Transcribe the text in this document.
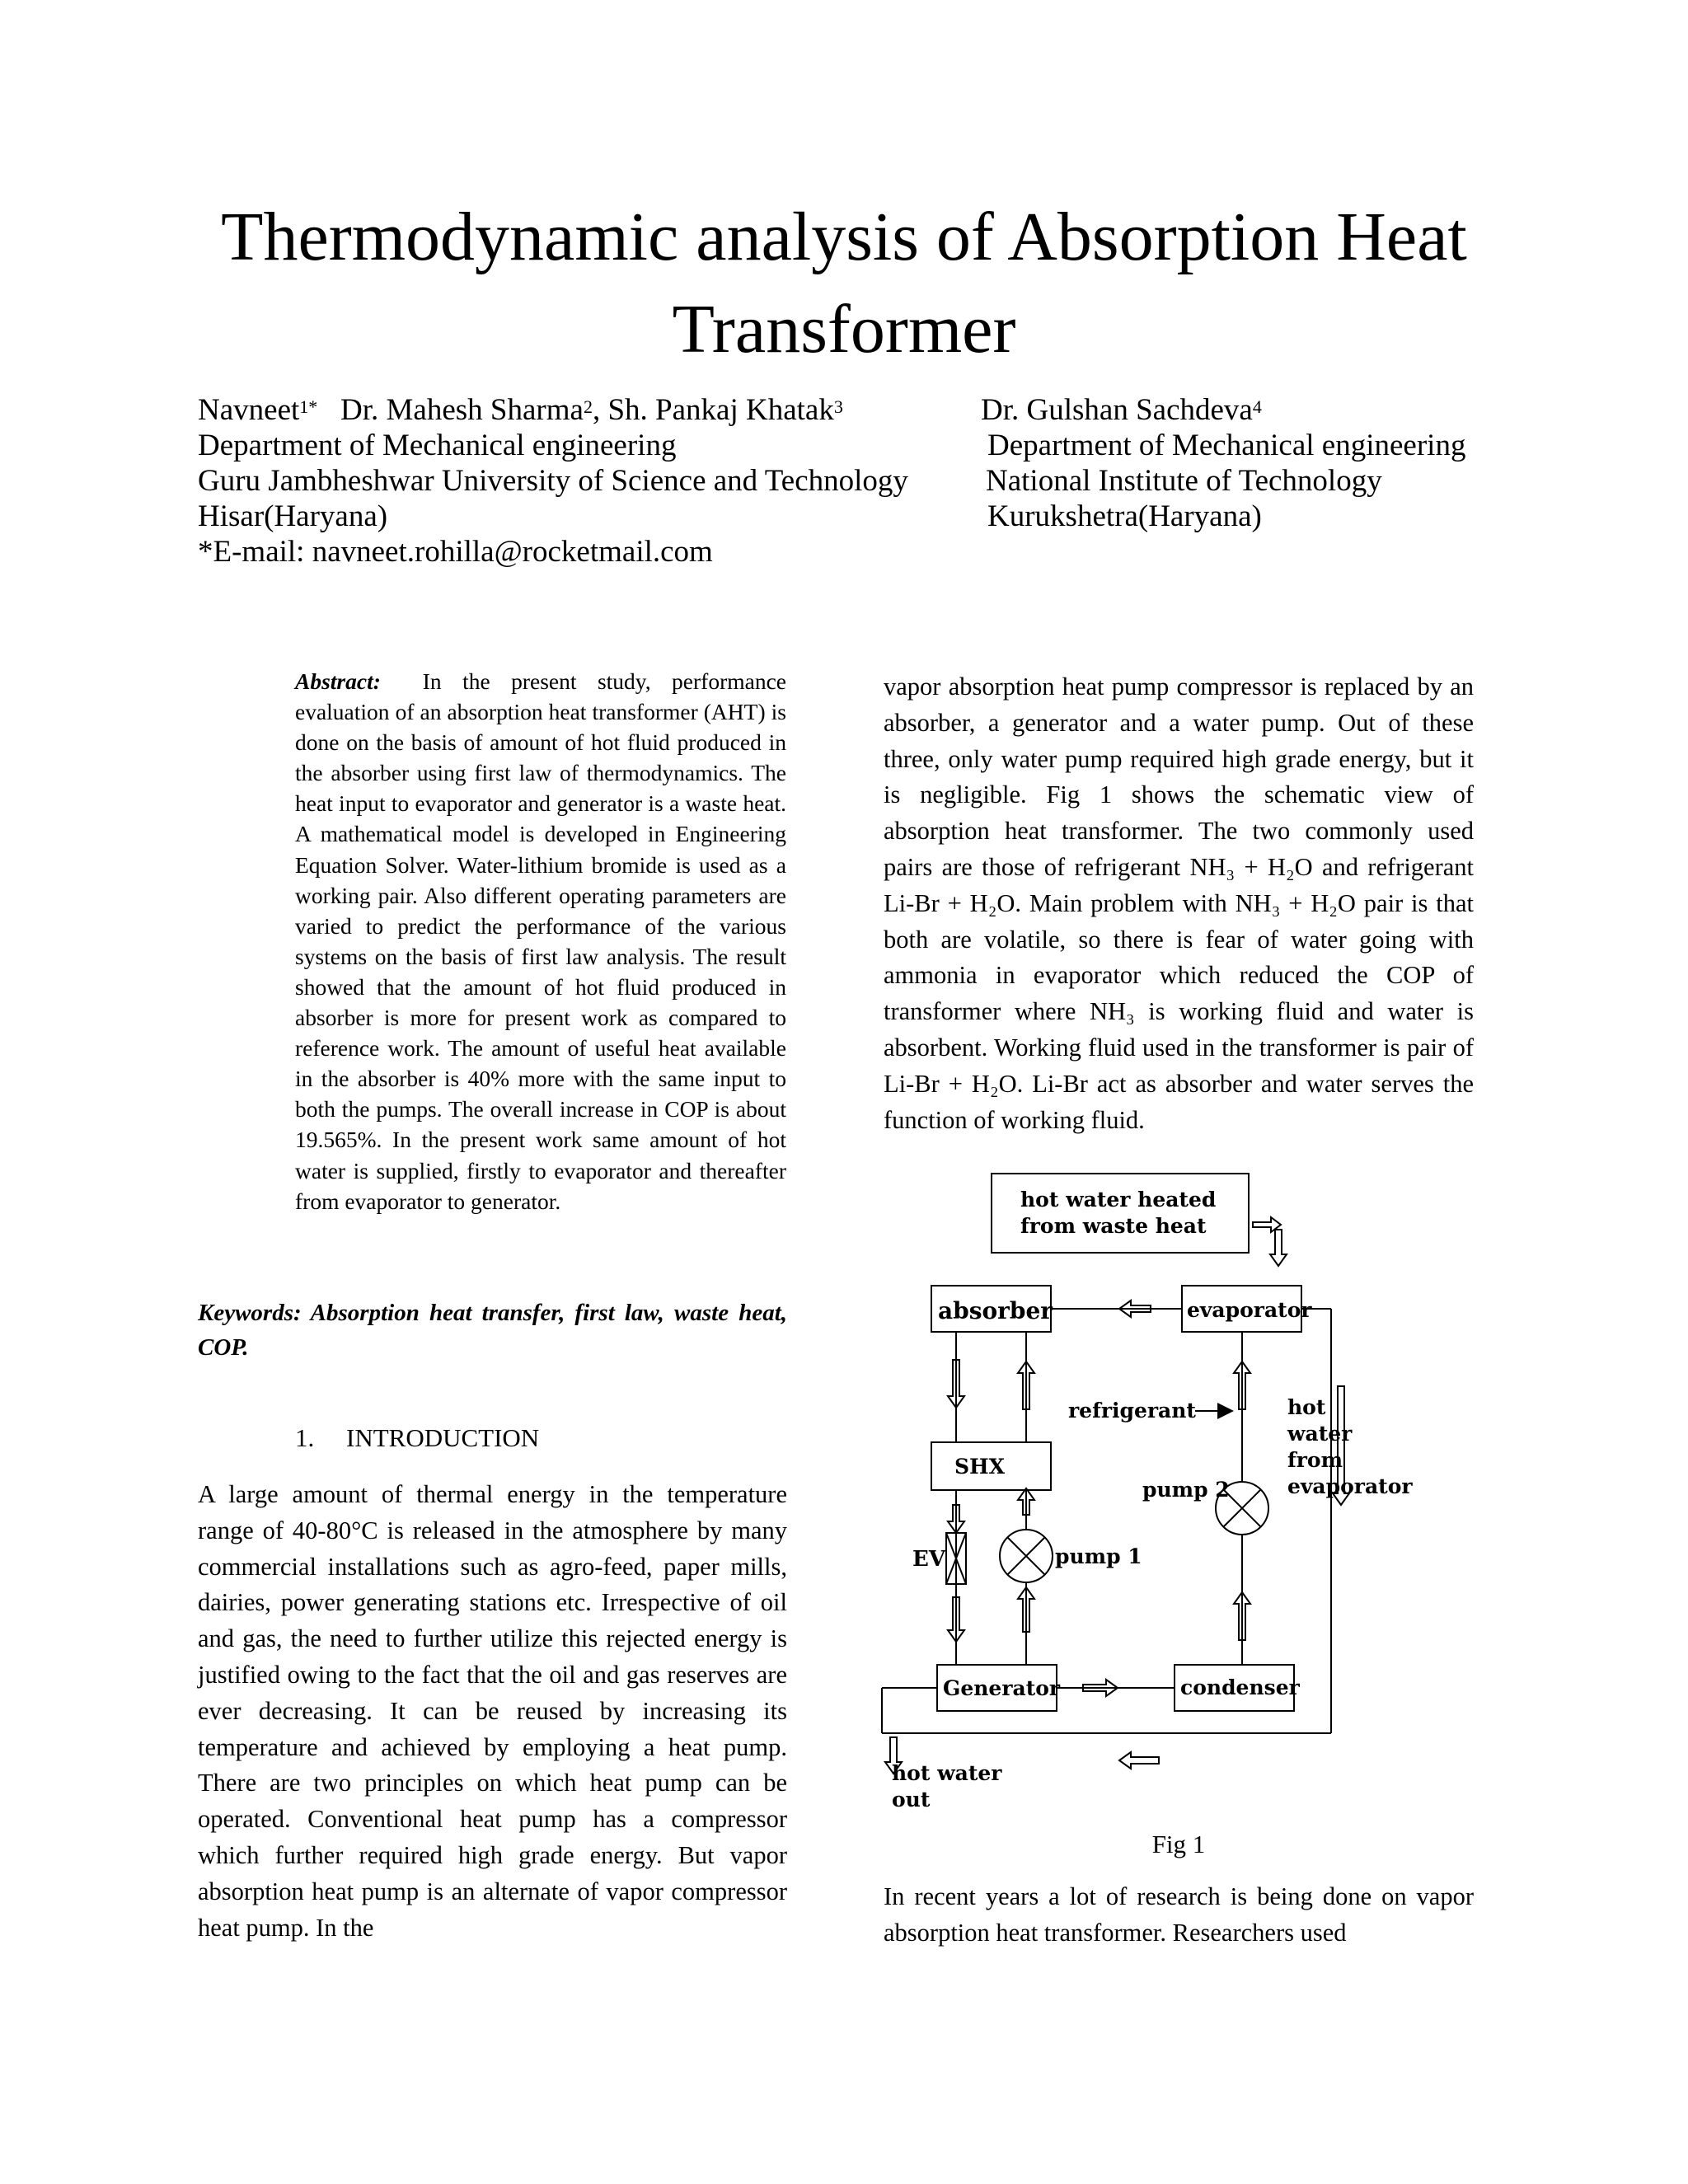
Thermodynamic analysis of Absorption Heat Transformer
Navneet$^{1*}$ Dr. Mahesh Sharma$^2$, Sh. Pankaj Khatak$^3$
Department of Mechanical engineering
Guru Jambheshwar University of Science and Technology
Hisar(Haryana)
*E-mail: navneet.rohilla@rocketmail.com
Dr. Gulshan Sachdeva$^4$
Department of Mechanical engineering
National Institute of Technology
Kurukshetra(Haryana)
Abstract: In the present study, performance evaluation of an absorption heat transformer (AHT) is done on the basis of amount of hot fluid produced in the absorber using first law of thermodynamics. The heat input to evaporator and generator is a waste heat. A mathematical model is developed in Engineering Equation Solver. Water-lithium bromide is used as a working pair. Also different operating parameters are varied to predict the performance of the various systems on the basis of first law analysis. The result showed that the amount of hot fluid produced in absorber is more for present work as compared to reference work. The amount of useful heat available in the absorber is 40% more with the same input to both the pumps. The overall increase in COP is about 19.565%. In the present work same amount of hot water is supplied, firstly to evaporator and thereafter from evaporator to generator.
Keywords: Absorption heat transfer, first law, waste heat, COP.
1.     INTRODUCTION
A large amount of thermal energy in the temperature range of 40-80°C is released in the atmosphere by many commercial installations such as agro-feed, paper mills, dairies, power generating stations etc. Irrespective of oil and gas, the need to further utilize this rejected energy is justified owing to the fact that the oil and gas reserves are ever decreasing. It can be reused by increasing its temperature and achieved by employing a heat pump. There are two principles on which heat pump can be operated. Conventional heat pump has a compressor which further required high grade energy. But vapor absorption heat pump is an alternate of vapor compressor heat pump. In the
vapor absorption heat pump compressor is replaced by an absorber, a generator and a water pump. Out of these three, only water pump required high grade energy, but it is negligible. Fig 1 shows the schematic view of absorption heat transformer. The two commonly used pairs are those of refrigerant NH₃ + H₂O and refrigerant Li-Br + H₂O. Main problem with NH₃ + H₂O pair is that both are volatile, so there is fear of water going with ammonia in evaporator which reduced the COP of transformer where NH₃ is working fluid and water is absorbent. Working fluid used in the transformer is pair of Li-Br + H₂O. Li-Br act as absorber and water serves the function of working fluid.
hot water heated
from waste heat
absorber	evaporator
refrigerant	hot
water
from
evaporator
SHX
pump 2
EV	pump 1
Generator	condenser
hot water
out
Fig 1
In recent years a lot of research is being done on vapor absorption heat transformer. Researchers used
